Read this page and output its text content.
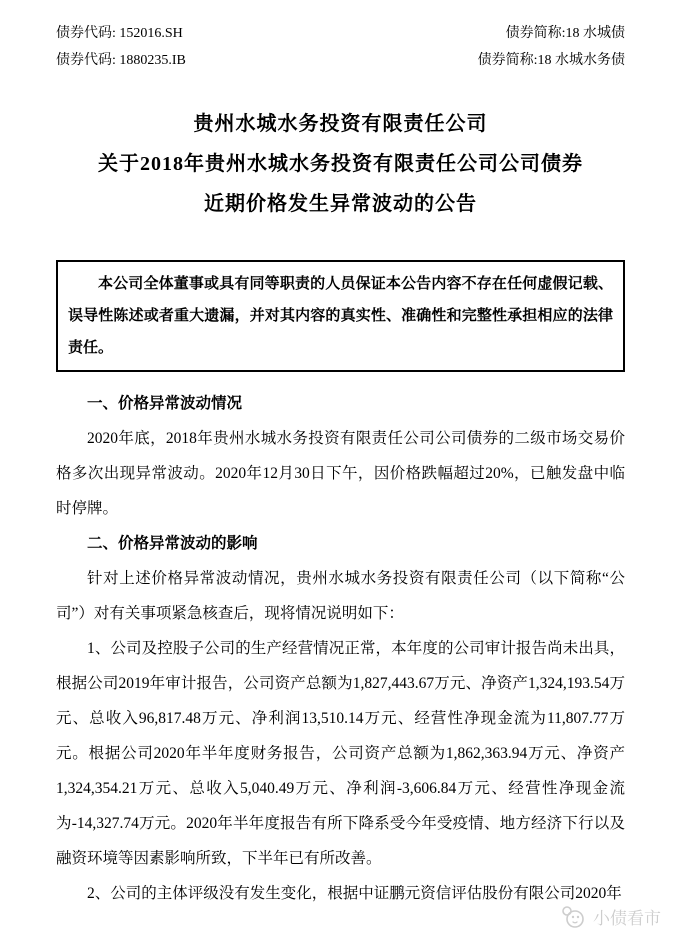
债券代码: 152016.SH	债券简称:18 水城债
债券代码: 1880235.IB	债券简称:18 水城水务债
贵州水城水务投资有限责任公司
关于2018年贵州水城水务投资有限责任公司公司债券
近期价格发生异常波动的公告

本公司全体董事或具有同等职责的人员保证本公告内容不存在任何虚假记载、误导性陈述或者重大遗漏，并对其内容的真实性、准确性和完整性承担相应的法律责任。

一、价格异常波动情况

2020年底，2018年贵州水城水务投资有限责任公司公司债券的二级市场交易价格多次出现异常波动。2020年12月30日下午，因价格跌幅超过20%，已触发盘中临时停牌。

二、价格异常波动的影响

针对上述价格异常波动情况，贵州水城水务投资有限责任公司（以下简称“公司”）对有关事项紧急核查后，现将情况说明如下：

1、公司及控股子公司的生产经营情况正常，本年度的公司审计报告尚未出具，根据公司2019年审计报告，公司资产总额为1,827,443.67万元、净资产1,324,193.54万元、总收入96,817.48万元、净利润13,510.14万元、经营性净现金流为11,807.77万元。根据公司2020年半年度财务报告，公司资产总额为1,862,363.94万元、净资产1,324,354.21万元、总收入5,040.49万元、净利润-3,606.84万元、经营性净现金流为-14,327.74万元。2020年半年度报告有所下降系受今年受疫情、地方经济下行以及融资环境等因素影响所致，下半年已有所改善。

2、公司的主体评级没有发生变化，根据中证鹏元资信评估股份有限公司2020年

小债看市
